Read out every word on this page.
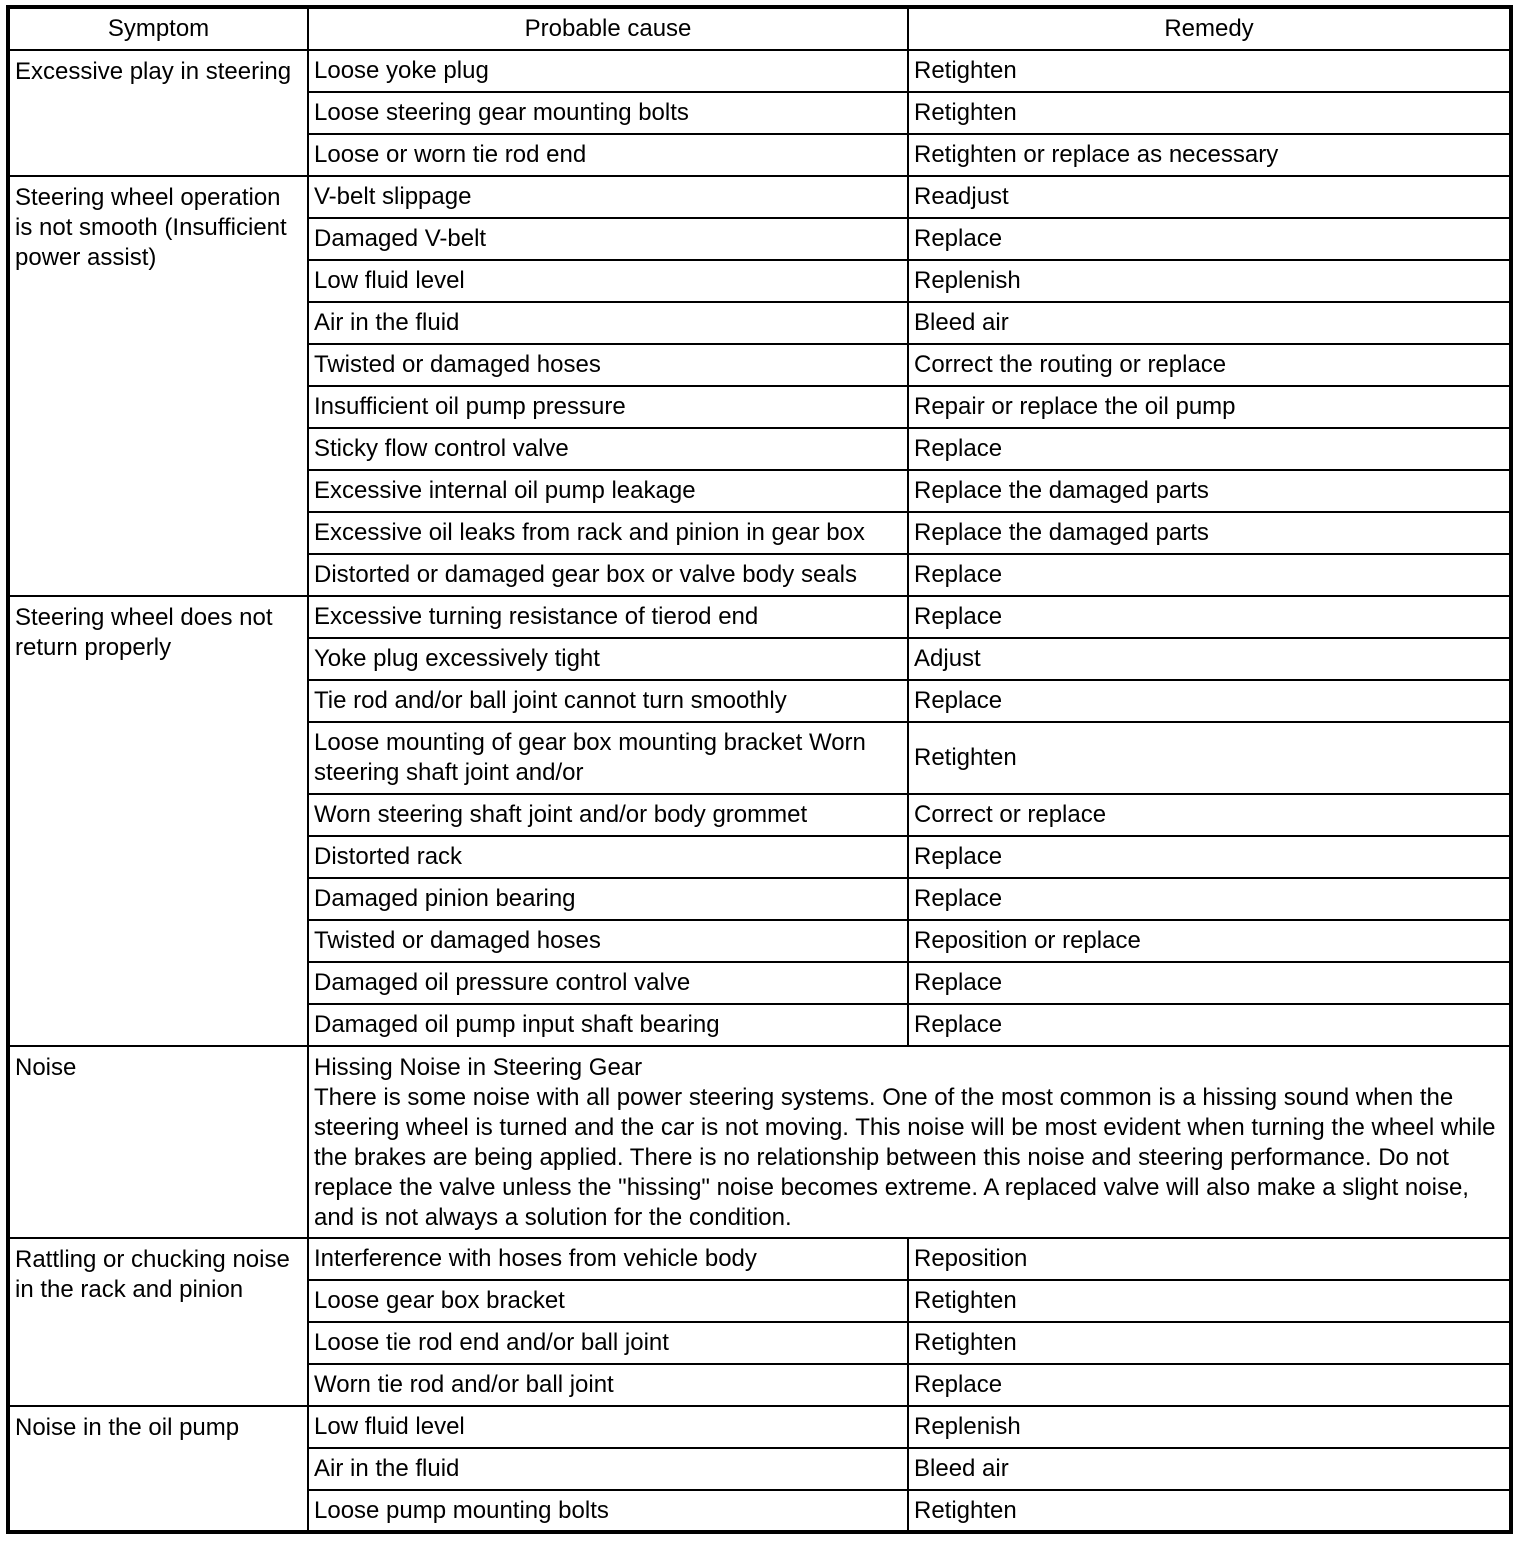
Symptom	Probable cause	Remedy
Excessive play in steering	Loose yoke plug	Retighten
	Loose steering gear mounting bolts	Retighten
	Loose or worn tie rod end	Retighten or replace as necessary
Steering wheel operation is not smooth (Insufficient power assist)	V-belt slippage	Readjust
	Damaged V-belt	Replace
	Low fluid level	Replenish
	Air in the fluid	Bleed air
	Twisted or damaged hoses	Correct the routing or replace
	Insufficient oil pump pressure	Repair or replace the oil pump
	Sticky flow control valve	Replace
	Excessive internal oil pump leakage	Replace the damaged parts
	Excessive oil leaks from rack and pinion in gear box	Replace the damaged parts
	Distorted or damaged gear box or valve body seals	Replace
Steering wheel does not return properly	Excessive turning resistance of tierod end	Replace
	Yoke plug excessively tight	Adjust
	Tie rod and/or ball joint cannot turn smoothly	Replace
	Loose mounting of gear box mounting bracket Worn steering shaft joint and/or	Retighten
	Worn steering shaft joint and/or body grommet	Correct or replace
	Distorted rack	Replace
	Damaged pinion bearing	Replace
	Twisted or damaged hoses	Reposition or replace
	Damaged oil pressure control valve	Replace
	Damaged oil pump input shaft bearing	Replace
Noise	Hissing Noise in Steering Gear
There is some noise with all power steering systems. One of the most common is a hissing sound when the steering wheel is turned and the car is not moving. This noise will be most evident when turning the wheel while the brakes are being applied. There is no relationship between this noise and steering performance. Do not replace the valve unless the "hissing" noise becomes extreme. A replaced valve will also make a slight noise, and is not always a solution for the condition.	

Rattling or chucking noise in the rack and pinion	Interference with hoses from vehicle body	Reposition
	Loose gear box bracket	Retighten
	Loose tie rod end and/or ball joint	Retighten
	Worn tie rod and/or ball joint	Replace
Noise in the oil pump	Low fluid level	Replenish
	Air in the fluid	Bleed air
	Loose pump mounting bolts	Retighten
